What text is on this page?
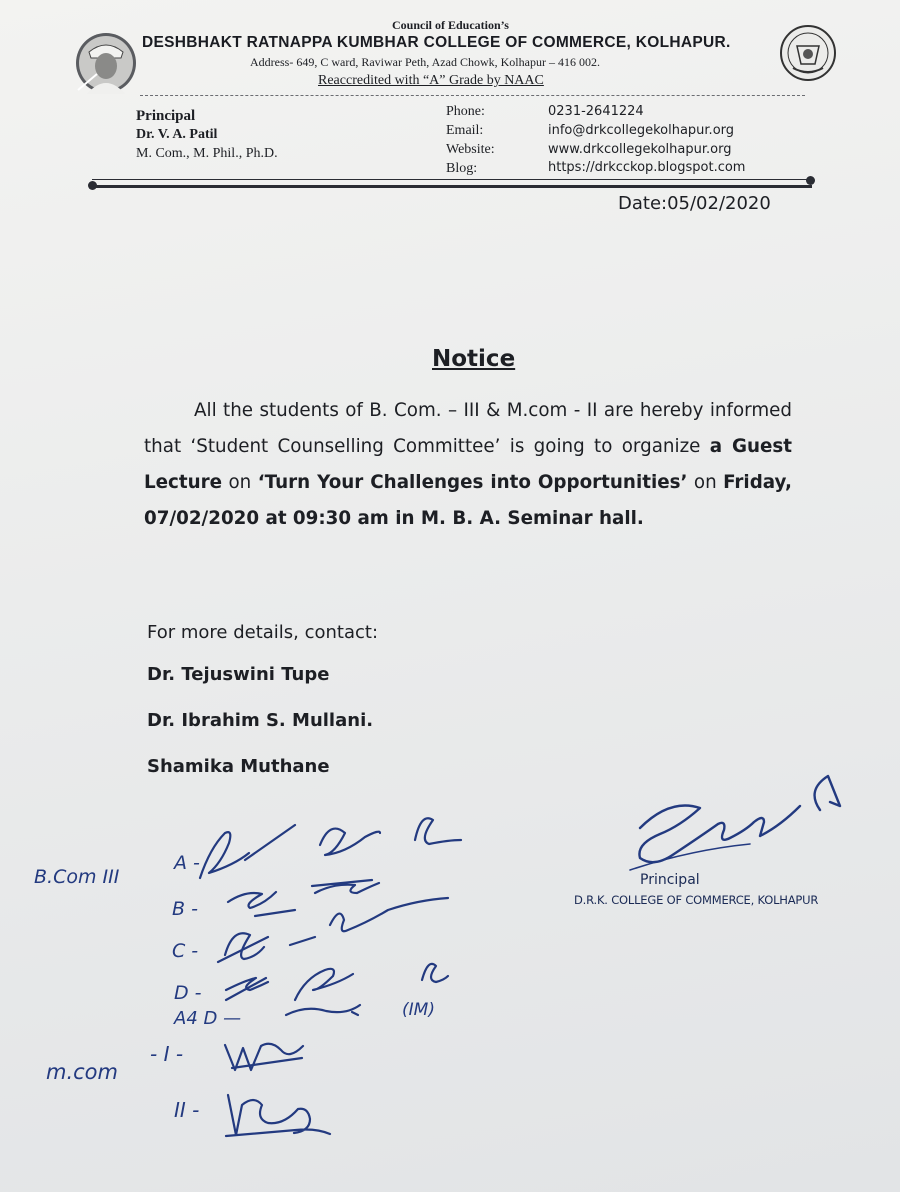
Council of Education’s
DESHBHAKT RATNAPPA KUMBHAR COLLEGE OF COMMERCE, KOLHAPUR.
Address- 649, C ward, Raviwar Peth, Azad Chowk, Kolhapur – 416 002.
Reaccredited with “A” Grade by NAAC
Principal
Dr. V. A. Patil
M. Com., M. Phil., Ph.D.
Phone:	0231-2641224
Email:	info@drkcollegekolhapur.org
Website:	www.drkcollegekolhapur.org
Blog:	https://drkcckop.blogspot.com
Date:05/02/2020
Notice
All the students of B. Com. – III & M.com - II are hereby informed that ‘Student Counselling Committee’ is going to organize a Guest Lecture on ‘Turn Your Challenges into Opportunities’ on Friday, 07/02/2020 at 09:30 am in M. B. A. Seminar hall.
For more details, contact:
Dr. Tejuswini Tupe
Dr. Ibrahim S. Mullani.
Shamika Muthane
B.Com III
A -
B -
C -
D -
A4 D —	(IM)
m.com
- I -
II -
Principal
D.R.K. COLLEGE OF COMMERCE, KOLHAPUR
